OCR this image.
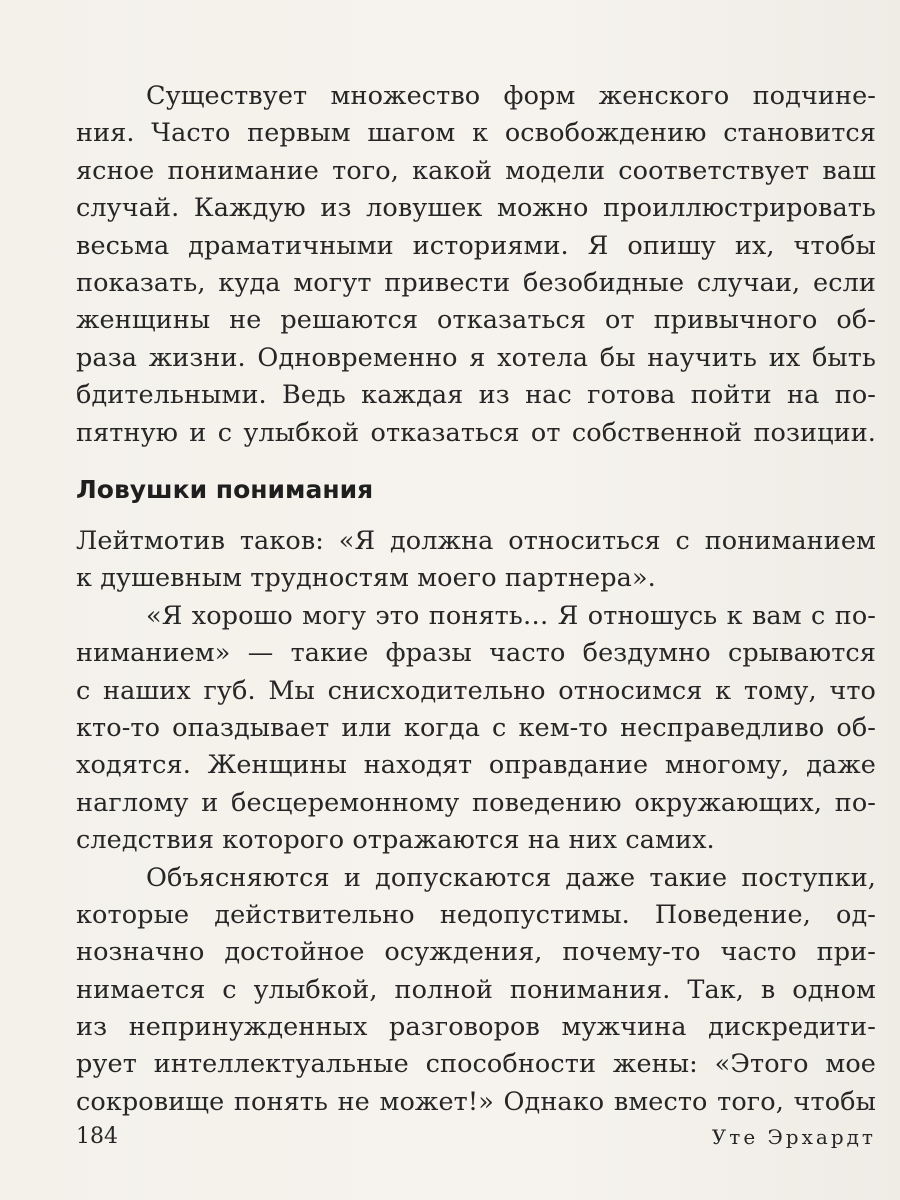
Существует множество форм женского подчине-
ния. Часто первым шагом к освобождению становится
ясное понимание того, какой модели соответствует ваш
случай. Каждую из ловушек можно проиллюстрировать
весьма драматичными историями. Я опишу их, чтобы
показать, куда могут привести безобидные случаи, если
женщины не решаются отказаться от привычного об-
раза жизни. Одновременно я хотела бы научить их быть
бдительными. Ведь каждая из нас готова пойти на по-
пятную и с улыбкой отказаться от собственной позиции.
Ловушки понимания
Лейтмотив таков: «Я должна относиться с пониманием
к душевным трудностям моего партнера».
«Я хорошо могу это понять… Я отношусь к вам с по-
ниманием» — такие фразы часто бездумно срываются
с наших губ. Мы снисходительно относимся к тому, что
кто-то опаздывает или когда с кем-то несправедливо об-
ходятся. Женщины находят оправдание многому, даже
наглому и бесцеремонному поведению окружающих, по-
следствия которого отражаются на них самих.
Объясняются и допускаются даже такие поступки,
которые действительно недопустимы. Поведение, од-
нозначно достойное осуждения, почему-то часто при-
нимается с улыбкой, полной понимания. Так, в одном
из непринужденных разговоров мужчина дискредити-
рует интеллектуальные способности жены: «Этого мое
сокровище понять не может!» Однако вместо того, чтобы
184	Уте Эрхардт
